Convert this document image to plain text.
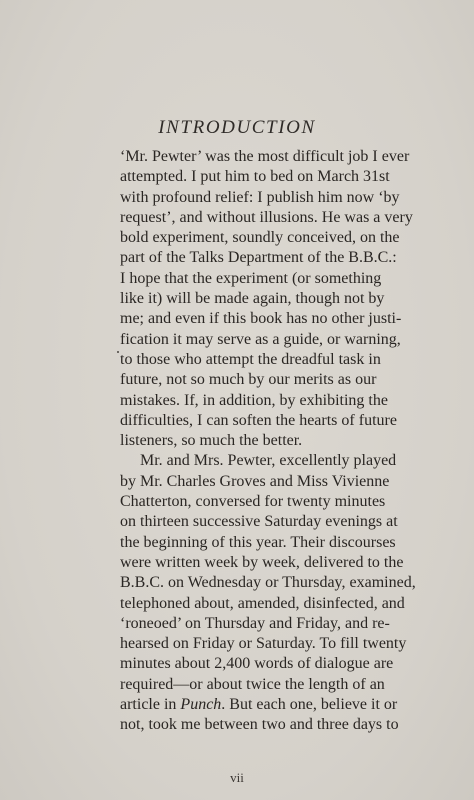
INTRODUCTION

‘Mr. Pewter’ was the most difficult job I ever
attempted. I put him to bed on March 31st
with profound relief: I publish him now ‘by
request’, and without illusions. He was a very
bold experiment, soundly conceived, on the
part of the Talks Department of the B.B.C.:
I hope that the experiment (or something
like it) will be made again, though not by
me; and even if this book has no other justi-
fication it may serve as a guide, or warning,
to those who attempt the dreadful task in
future, not so much by our merits as our
mistakes. If, in addition, by exhibiting the
difficulties, I can soften the hearts of future
listeners, so much the better.

Mr. and Mrs. Pewter, excellently played
by Mr. Charles Groves and Miss Vivienne
Chatterton, conversed for twenty minutes
on thirteen successive Saturday evenings at
the beginning of this year. Their discourses
were written week by week, delivered to the
B.B.C. on Wednesday or Thursday, examined,
telephoned about, amended, disinfected, and
‘roneoed’ on Thursday and Friday, and re-
hearsed on Friday or Saturday. To fill twenty
minutes about 2,400 words of dialogue are
required—or about twice the length of an
article in Punch. But each one, believe it or
not, took me between two and three days to

vii
